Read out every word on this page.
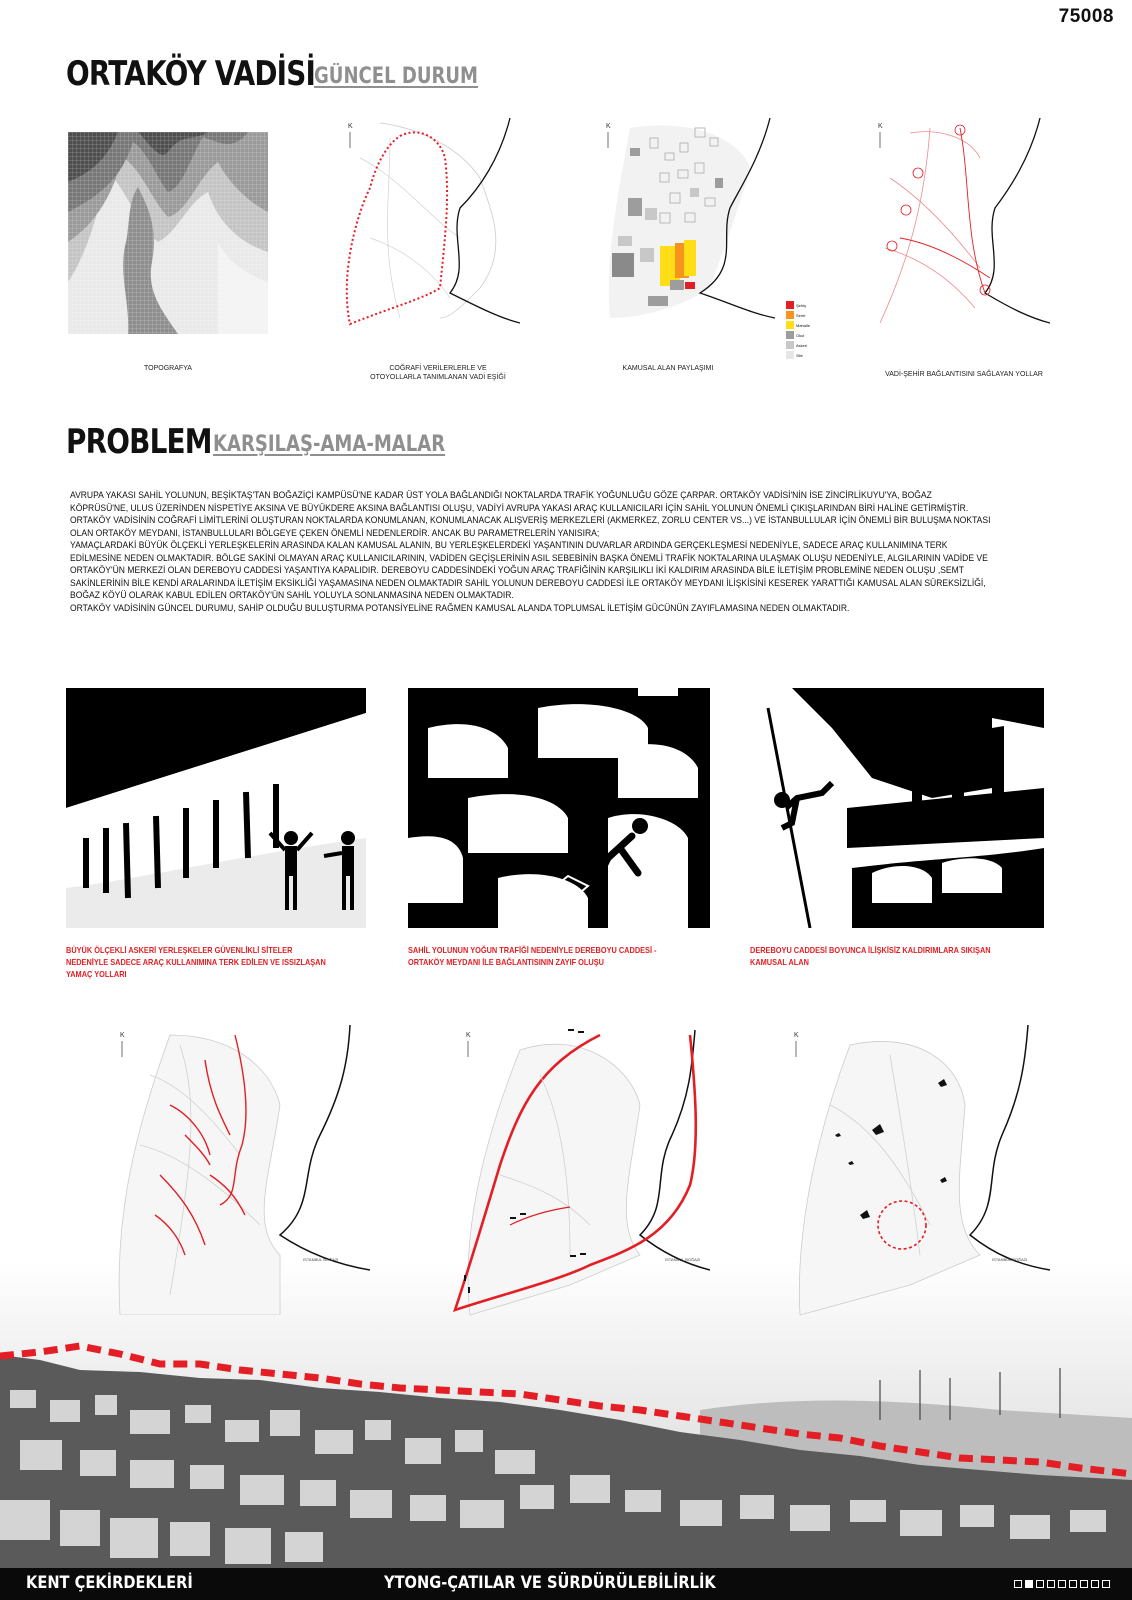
75008
ORTAKÖY VADİSİ
GÜNCEL DURUM
TOPOGRAFYA
K
COĞRAFİ VERİLERLERLE VE OTOYOLLARLA TANIMLANAN VADİ EŞİĞİ
K
Şehiş
Semt
Mahalle
Okul
Askeri
Site
KAMUSAL ALAN PAYLAŞIMI
K
VADİ-ŞEHİR BAĞLANTISINI SAĞLAYAN YOLLAR
PROBLEM KARŞILAŞ-AMA-MALAR

AVRUPA YAKASI SAHİL YOLUNUN, BEŞİKTAŞ'TAN BOĞAZİÇİ KAMPÜSÜ'NE KADAR ÜST YOLA BAĞLANDIĞI NOKTALARDA TRAFİK YOĞUNLUĞU GÖZE ÇARPAR. ORTAKÖY VADİSİ'NİN İSE ZİNCİRLİKUYU'YA, BOĞAZ KÖPRÜSÜ'NE, ULUS ÜZERİNDEN NİSPETİYE AKSINA VE BÜYÜKDERE AKSINA BAĞLANTISI OLUŞU, VADİYİ AVRUPA YAKASI ARAÇ KULLANICILARI İÇİN SAHİL YOLUNUN ÖNEMLİ ÇIKIŞLARINDAN BİRİ HALİNE GETİRMİŞTİR. ORTAKÖY VADİSİNİN COĞRAFİ LİMİTLERİNİ OLUŞTURAN NOKTALARDA KONUMLANAN, KONUMLANACAK ALIŞVERİŞ MERKEZLERİ (AKMERKEZ, ZORLU CENTER VS...) VE İSTANBULLULAR İÇİN ÖNEMLİ BİR BULUŞMA NOKTASI OLAN ORTAKÖY MEYDANI, İSTANBULLULARI BÖLGEYE ÇEKEN ÖNEMLİ NEDENLERDİR. ANCAK BU PARAMETRELERİN YANISIRA;

YAMAÇLARDAKİ BÜYÜK ÖLÇEKLİ YERLEŞKELERİN ARASINDA KALAN KAMUSAL ALANIN, BU YERLEŞKELERDEKİ YAŞANTININ DUVARLAR ARDINDA GERÇEKLEŞMESİ NEDENİYLE, SADECE ARAÇ KULLANIMINA TERK EDİLMESİNE NEDEN OLMAKTADIR. BÖLGE SAKİNİ OLMAYAN ARAÇ KULLANICILARININ, VADİDEN GEÇİŞLERİNİN ASIL SEBEBİNİN BAŞKA ÖNEMLİ TRAFİK NOKTALARINA ULAŞMAK OLUŞU NEDENİYLE, ALGILARININ VADİDE VE ORTAKÖY'ÜN MERKEZİ OLAN DEREBOYU CADDESİ YAŞANTIYA KAPALIDIR. DEREBOYU CADDESİNDEKİ YOĞUN ARAÇ TRAFİĞİNİN KARŞILIKLI İKİ KALDIRIM ARASINDA BİLE İLETİŞİM PROBLEMİNE NEDEN OLUŞU ,SEMT SAKİNLERİNİN BİLE KENDİ ARALARINDA İLETİŞİM EKSİKLİĞİ YAŞAMASINA NEDEN OLMAKTADIR SAHİL YOLUNUN DEREBOYU CADDESİ İLE ORTAKÖY MEYDANI İLİŞKİSİNİ KESEREK YARATTIĞI KAMUSAL ALAN SÜREKSİZLİĞİ, BOĞAZ KÖYÜ OLARAK KABUL EDİLEN ORTAKÖY'ÜN SAHİL YOLUYLA SONLANMASINA NEDEN OLMAKTADIR.

ORTAKÖY VADİSİNİN GÜNCEL DURUMU, SAHİP OLDUĞU BULUŞTURMA POTANSİYELİNE RAĞMEN KAMUSAL ALANDA TOPLUMSAL İLETİŞİM GÜCÜNÜN ZAYIFLAMASINA NEDEN OLMAKTADIR.

BÜYÜK ÖLÇEKLİ ASKERİ YERLEŞKELER GÜVENLİKLİ SİTELER NEDENİYLE SADECE ARAÇ KULLANIMINA TERK EDİLEN VE ISSIZLAŞAN YAMAÇ YOLLARI
SAHİL YOLUNUN YOĞUN TRAFİĞİ NEDENİYLE DEREBOYU CADDESİ - ORTAKÖY MEYDANI İLE BAĞLANTISININ ZAYIF OLUŞU
DEREBOYU CADDESİ BOYUNCA İLİŞKİSİZ KALDIRIMLARA SIKIŞAN KAMUSAL ALAN
K
İSTANBUL BOĞAZI
K
İSTANBUL BOĞAZI
K
İSTANBUL BOĞAZI
KENT ÇEKİRDEKLERİ	YTONG-ÇATILAR VE SÜRDÜRÜLEBİLİRLİK
